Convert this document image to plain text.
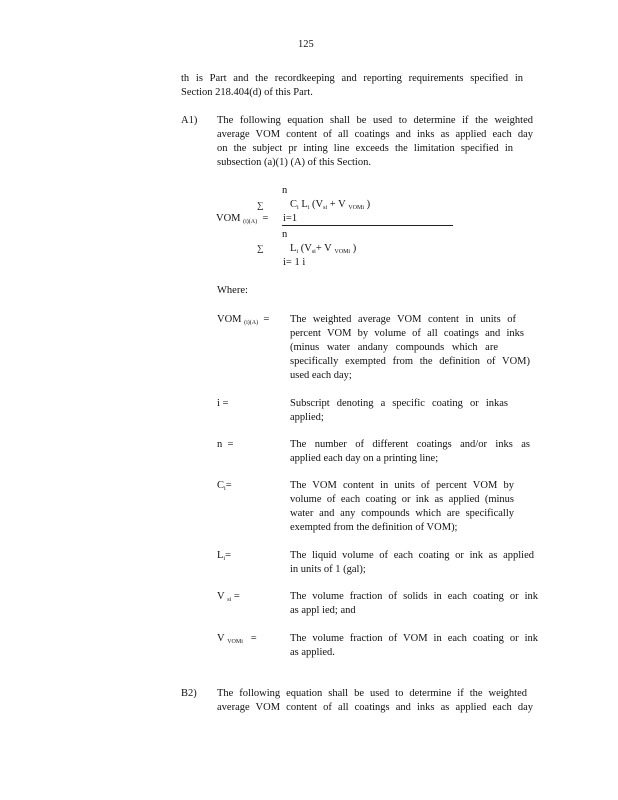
125
th is Part and the recordkeeping and reporting requirements specified in
Section 218.404(d) of this Part.
A1) The following equation shall be used to determine if the weighted
average VOM content of all coatings and inks as applied each day
on the subject pr inting line exceeds the limitation specified in
subsection (a)(1) (A) of this Section.
n
∑	$C_i$ $L_i$ ($V_{si} + V$ $_{VOMi}$ )
VOM $_{(i)(A)}$ = i=1
n
∑	$L_i$ ($V_{si}+ V$ $_{VOMi}$ )
i= 1 i
Where:
VOM $_{(i)(A)}$ = The weighted average VOM content in units of
percent VOM by volume of all coatings and inks
(minus water andany compounds which are
specifically exempted from the definition of VOM)
used each day;
i =	Subscript denoting a specific coating or inkas
applied;
n =	The number of different coatings and/or inks as
applied each day on a printing line;
$C_i=$	The VOM content in units of percent VOM by
volume of each coating or ink as applied (minus
water and any compounds which are specifically
exempted from the definition of VOM);
$L_i=$	The liquid volume of each coating or ink as applied
in units of 1 (gal);
V $_{si}$ =	The volume fraction of solids in each coating or ink
as appl ied; and
V $_{VOMi}$ =	The volume fraction of VOM in each coating or ink
as applied.
B2) The following equation shall be used to determine if the weighted
average VOM content of all coatings and inks as applied each day
